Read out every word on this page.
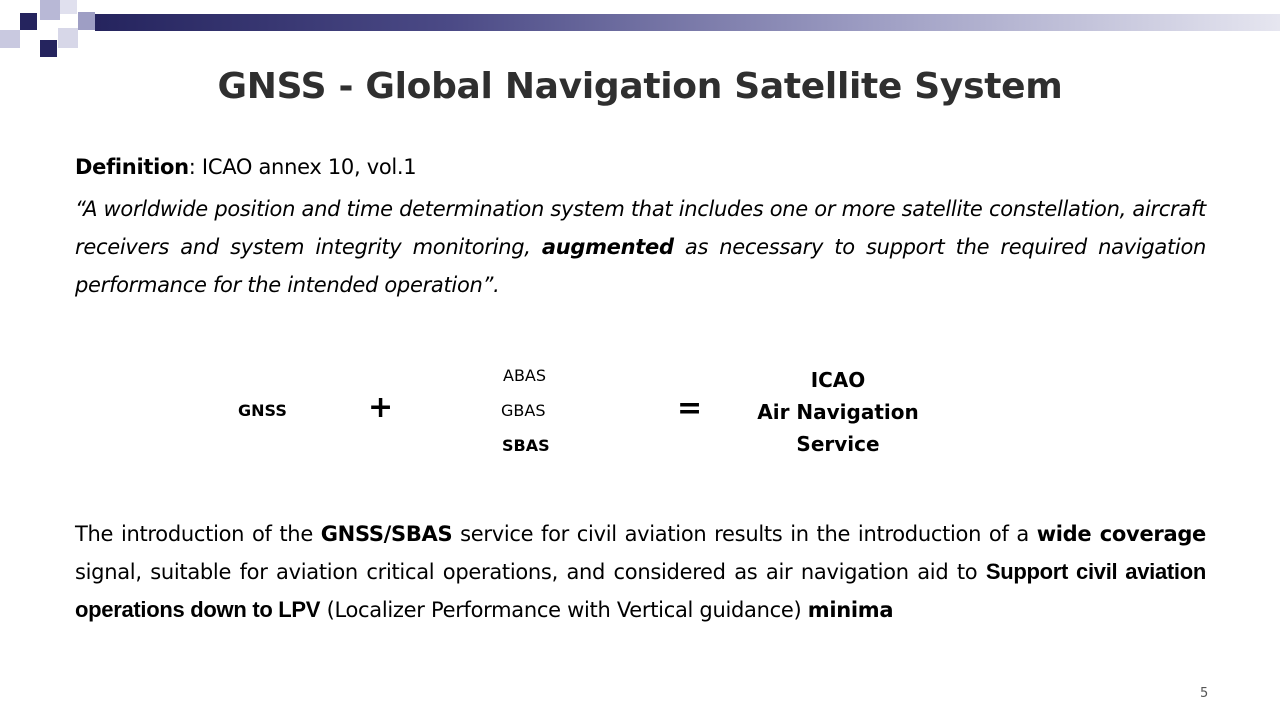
GNSS - Global Navigation Satellite System
Definition: ICAO annex 10, vol.1
“A worldwide position and time determination system that includes one or more satellite constellation, aircraft receivers and system integrity monitoring, augmented as necessary to support the required navigation performance for the intended operation”.
GNSS	+
ABAS
GBAS
SBAS
=
ICAO
Air Navigation
Service
The introduction of the GNSS/SBAS service for civil aviation results in the introduction of a wide coverage signal, suitable for aviation critical operations, and considered as air navigation aid to Support civil aviation operations down to LPV (Localizer Performance with Vertical guidance) minima
5
